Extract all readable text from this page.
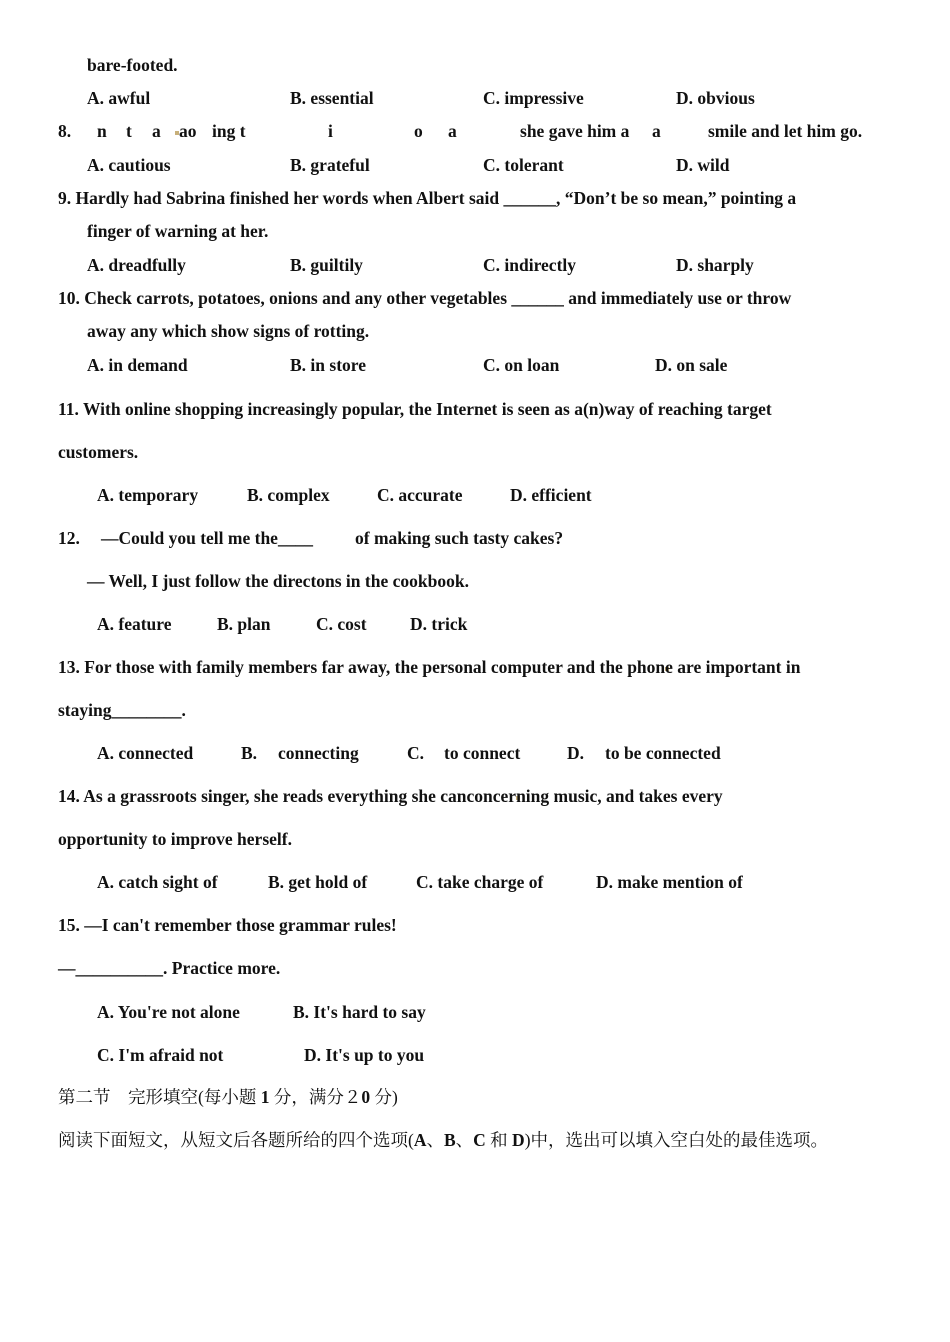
bare-footed.
A. awful	B. essential	C. impressive	D. obvious
8. n t a ao ing t	i	o a	she gave him a a	smile and let him go.
A. cautious	B. grateful	C. tolerant	D. wild
9. Hardly had Sabrina finished her words when Albert said ______, “Don’t be so mean,” pointing a
finger of warning at her.
A. dreadfully	B. guiltily	C. indirectly	D. sharply
10. Check carrots, potatoes, onions and any other vegetables ______ and immediately use or throw
away any which show signs of rotting.
A. in demand	B. in store	C. on loan	D. on sale
11. With online shopping increasingly popular, the Internet is seen as a(n)way of reaching target
customers.
A. temporary	B. complex	C. accurate	D. efficient
12. —Could you tell me the____ of making such tasty cakes?
— Well, I just follow the directons in the cookbook.
A. feature	B. plan	C. cost D. trick
13. For those with family members far away, the personal computer and the phone are important in
staying________.
A. connected	B. connecting	C. to connect	D. to be connected
14. As a grassroots singer, she reads everything she canconcerning music, and takes every
opportunity to improve herself.
A. catch sight of	B. get hold of	C. take charge of	D. make mention of
15. —I can't remember those grammar rules!
—__________. Practice more.
A. You're not alone	B. It's hard to say
C. I'm afraid not	D. It's up to you
第二节　完形填空(每小题 1 分，满分２0 分)
阅读下面短文，从短文后各题所给的四个选项(A、B、C 和 D)中，选出可以填入空白处的最佳选项。
